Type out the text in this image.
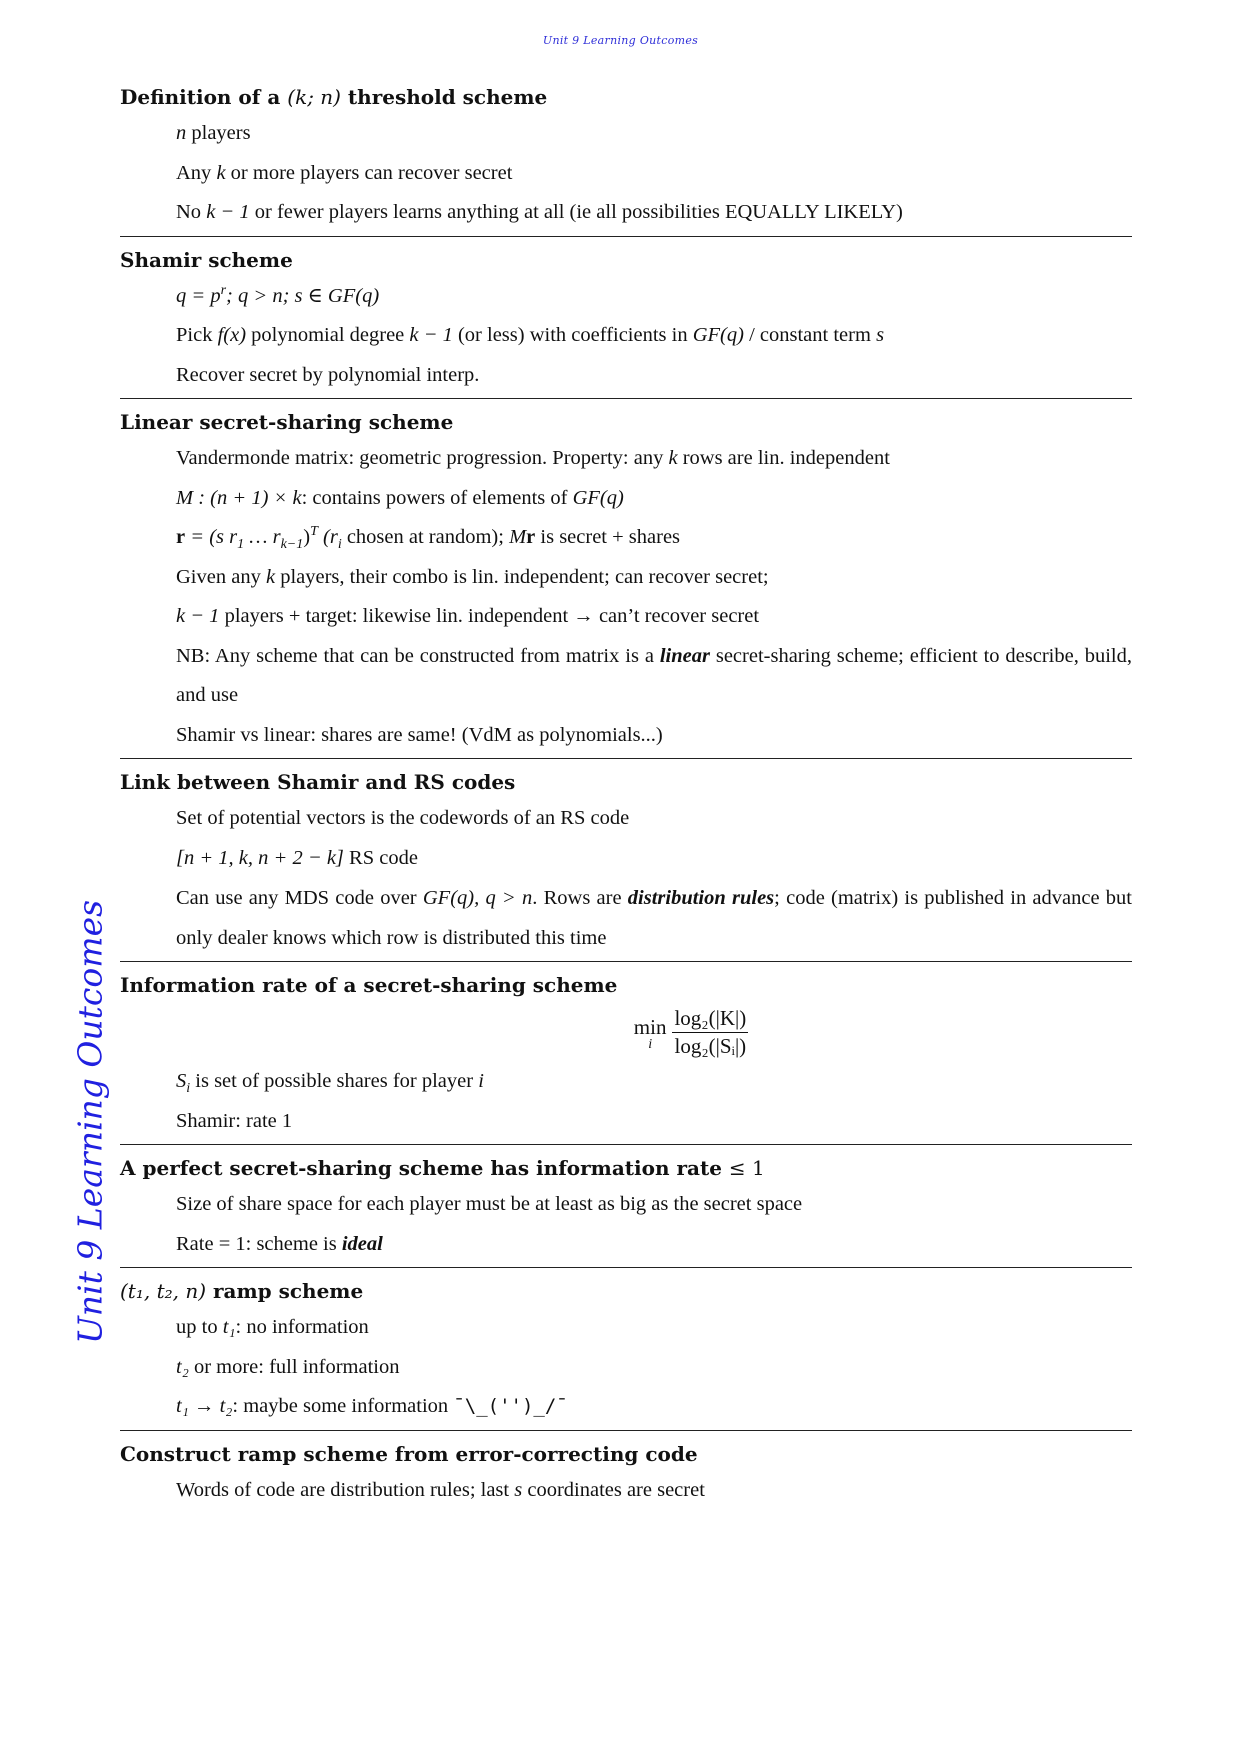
Unit 9 Learning Outcomes
Unit 9 Learning Outcomes
Definition of a (k; n) threshold scheme
n players
Any k or more players can recover secret
No k − 1 or fewer players learns anything at all (ie all possibilities EQUALLY LIKELY)
Shamir scheme
$q = p^r$; q > n; s ∈ GF(q)
Pick f(x) polynomial degree k − 1 (or less) with coefficients in GF(q) / constant term s
Recover secret by polynomial interp.
Linear secret-sharing scheme
Vandermonde matrix: geometric progression. Property: any k rows are lin. independent
M : (n + 1) × k: contains powers of elements of GF(q)
r = (s $r_1$ … $r_{k-1})^T$ ($r_i$ chosen at random); Mr is secret + shares
Given any k players, their combo is lin. independent; can recover secret;
k − 1 players + target: likewise lin. independent → can’t recover secret
NB: Any scheme that can be constructed from matrix is a linear secret-sharing scheme; efficient to describe, build, and use
Shamir vs linear: shares are same! (VdM as polynomials...)
Link between Shamir and RS codes
Set of potential vectors is the codewords of an RS code
[n + 1, k, n + 2 − k] RS code
Can use any MDS code over GF(q), q > n. Rows are distribution rules; code (matrix) is published in advance but only dealer knows which row is distributed this time
Information rate of a secret-sharing scheme
min
i $\frac{\text{log₂(|K|)}}{\text{log₂(|Sᵢ|)}}$
$S_i$ is set of possible shares for player i
Shamir: rate 1
A perfect secret-sharing scheme has information rate ≤ 1
Size of share space for each player must be at least as big as the secret space
Rate = 1: scheme is ideal
(t₁, t₂, n) ramp scheme
up to t₁: no information
t₂ or more: full information
t₁ → t₂: maybe some information ¯\_('')_/¯
Construct ramp scheme from error-correcting code
Words of code are distribution rules; last s coordinates are secret
